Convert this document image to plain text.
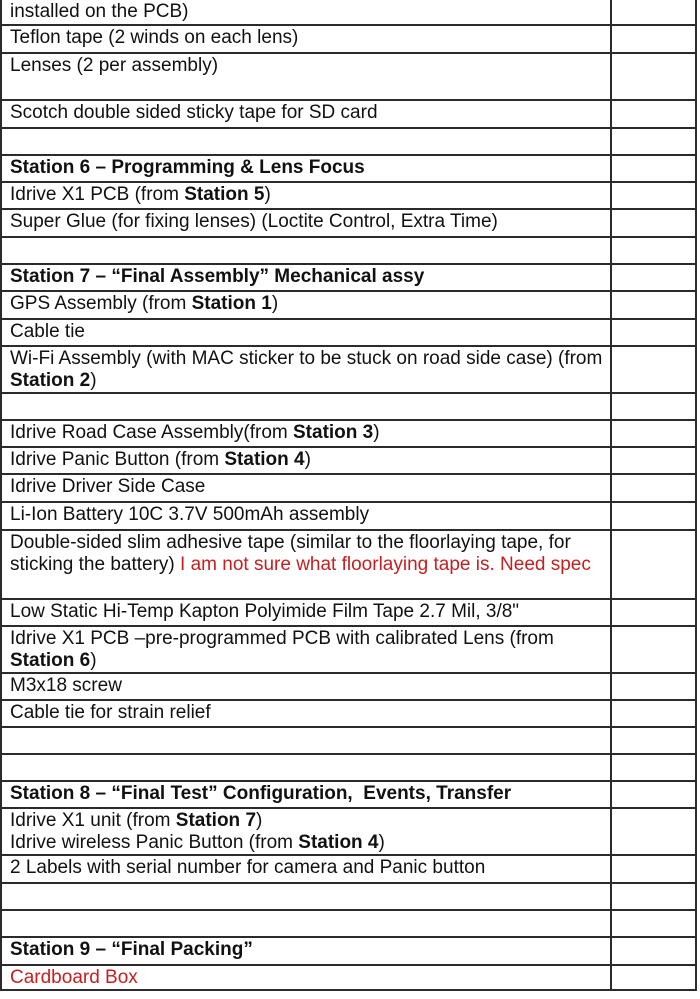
installed on the PCB)
Teflon tape (2 winds on each lens)
Lenses (2 per assembly)
Scotch double sided sticky tape for SD card
Station 6 – Programming & Lens Focus
Idrive X1 PCB (from Station 5)
Super Glue (for fixing lenses) (Loctite Control, Extra Time)
Station 7 – “Final Assembly” Mechanical assy
GPS Assembly (from Station 1)
Cable tie
Wi-Fi Assembly (with MAC sticker to be stuck on road side case) (from Station 2)
Idrive Road Case Assembly(from Station 3)
Idrive Panic Button (from Station 4)
Idrive Driver Side Case
Li-Ion Battery 10C 3.7V 500mAh assembly
Double-sided slim adhesive tape (similar to the floorlaying tape, for sticking the battery) I am not sure what floorlaying tape is. Need spec
Low Static Hi-Temp Kapton Polyimide Film Tape 2.7 Mil, 3/8"
Idrive X1 PCB –pre-programmed PCB with calibrated Lens (from Station 6)
M3x18 screw
Cable tie for strain relief
Station 8 – “Final Test” Configuration,  Events, Transfer
Idrive X1 unit (from Station 7)
Idrive wireless Panic Button (from Station 4)
2 Labels with serial number for camera and Panic button
Station 9 – “Final Packing”
Cardboard Box
